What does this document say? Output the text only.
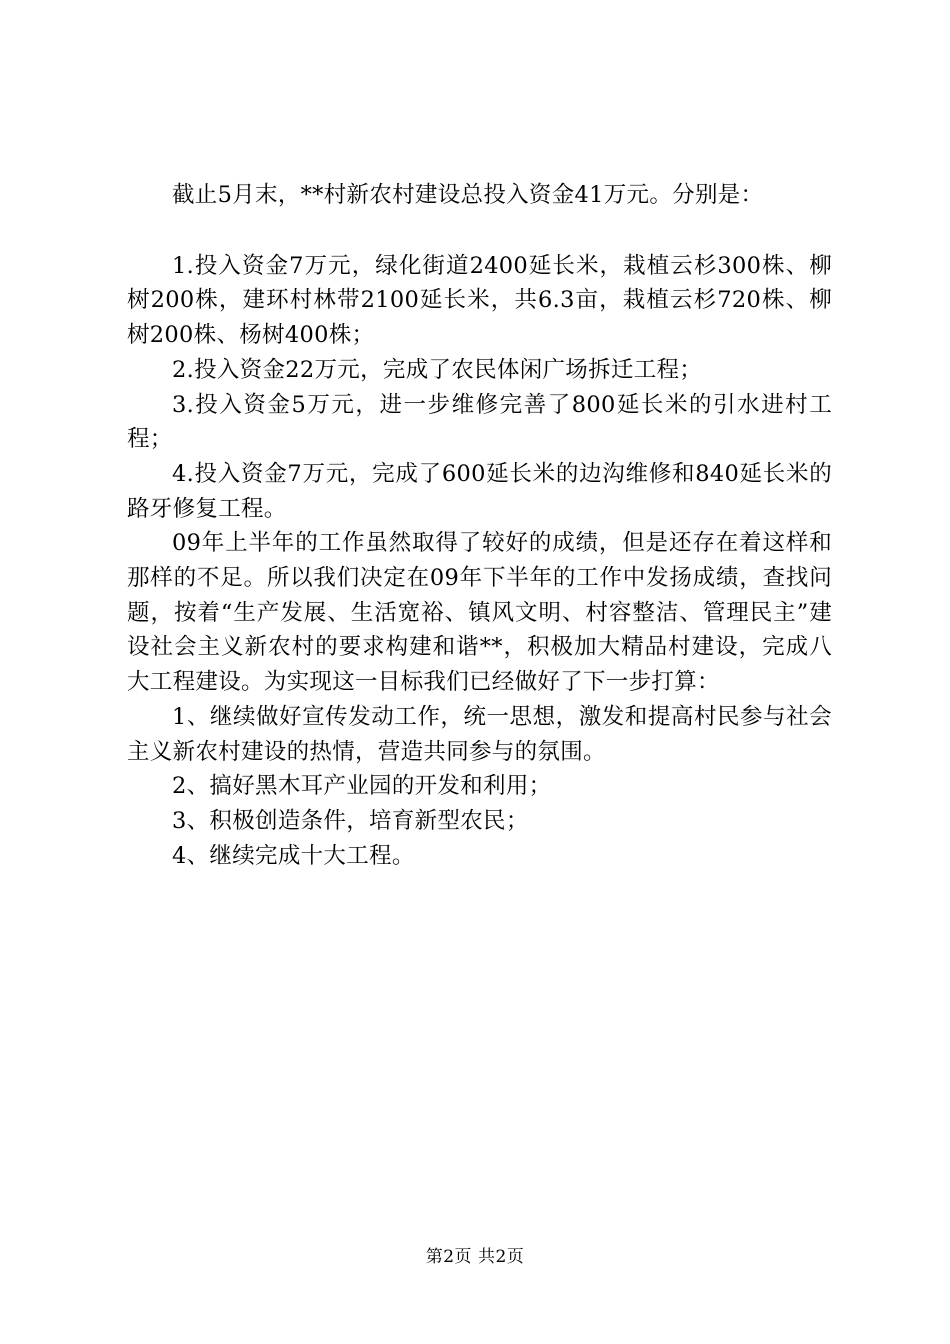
截止5月末，**村新农村建设总投入资金41万元。分别是：

1.投入资金7万元，绿化街道2400延长米，栽植云杉300株、柳树200株，建环村林带2100延长米，共6.3亩，栽植云杉720株、柳树200株、杨树400株；

2.投入资金22万元，完成了农民体闲广场拆迁工程；

3.投入资金5万元，进一步维修完善了800延长米的引水进村工程；

4.投入资金7万元，完成了600延长米的边沟维修和840延长米的路牙修复工程。

09年上半年的工作虽然取得了较好的成绩，但是还存在着这样和那样的不足。所以我们决定在09年下半年的工作中发扬成绩，查找问题，按着“生产发展、生活宽裕、镇风文明、村容整洁、管理民主”建设社会主义新农村的要求构建和谐**，积极加大精品村建设，完成八大工程建设。为实现这一目标我们已经做好了下一步打算：

1、继续做好宣传发动工作，统一思想，激发和提高村民参与社会主义新农村建设的热情，营造共同参与的氛围。

2、搞好黑木耳产业园的开发和利用；

3、积极创造条件，培育新型农民；

4、继续完成十大工程。

第2页 共2页
